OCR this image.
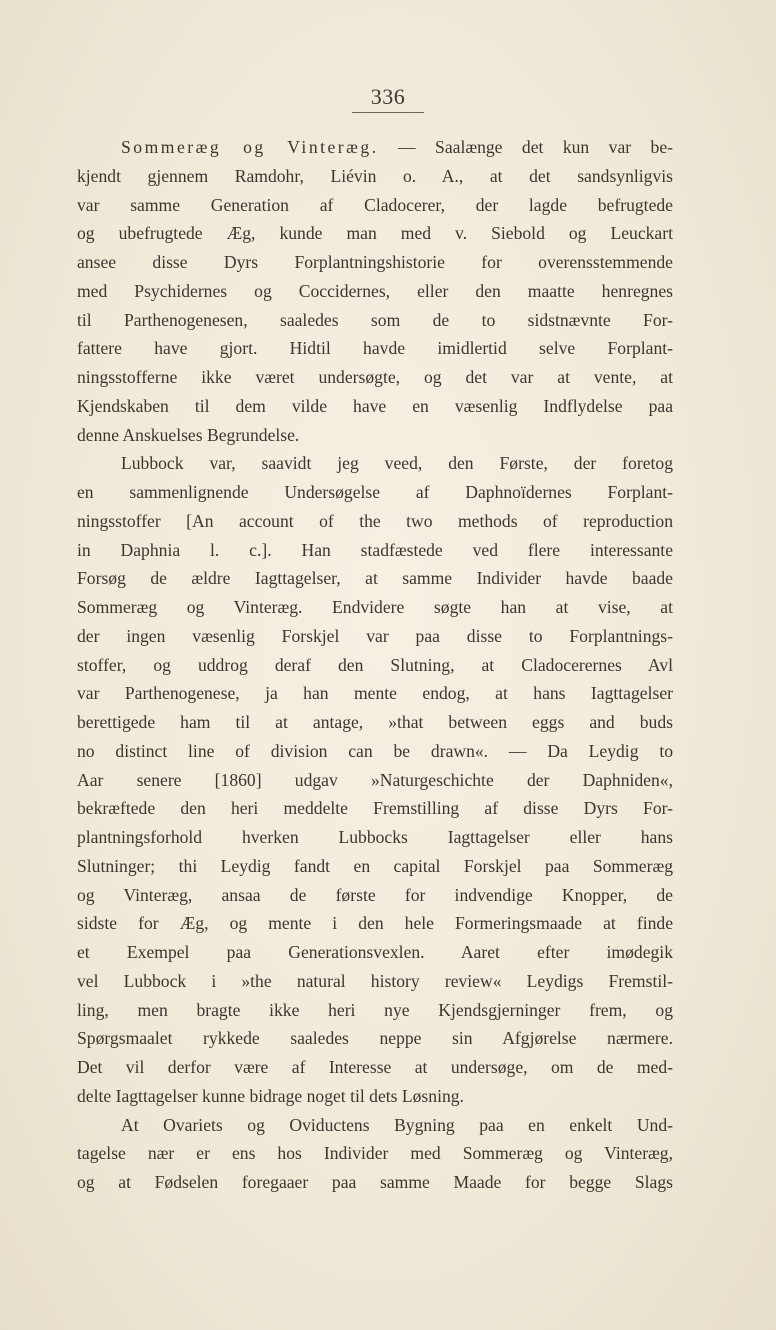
336
Sommeræg og Vinteræg. — Saalænge det kun var be-
kjendt gjennem Ramdohr, Liévin o. A., at det sandsynligvis
var samme Generation af Cladocerer, der lagde befrugtede
og ubefrugtede Æg, kunde man med v. Siebold og Leuckart
ansee disse Dyrs Forplantningshistorie for overensstemmende
med Psychidernes og Coccidernes, eller den maatte henregnes
til Parthenogenesen, saaledes som de to sidstnævnte For-
fattere have gjort. Hidtil havde imidlertid selve Forplant-
ningsstofferne ikke været undersøgte, og det var at vente, at
Kjendskaben til dem vilde have en væsenlig Indflydelse paa
denne Anskuelses Begrundelse.
Lubbock var, saavidt jeg veed, den Første, der foretog
en sammenlignende Undersøgelse af Daphnoïdernes Forplant-
ningsstoffer [An account of the two methods of reproduction
in Daphnia l. c.]. Han stadfæstede ved flere interessante
Forsøg de ældre Iagttagelser, at samme Individer havde baade
Sommeræg og Vinteræg. Endvidere søgte han at vise, at
der ingen væsenlig Forskjel var paa disse to Forplantnings-
stoffer, og uddrog deraf den Slutning, at Cladocerernes Avl
var Parthenogenese, ja han mente endog, at hans Iagttagelser
berettigede ham til at antage, »that between eggs and buds
no distinct line of division can be drawn«. — Da Leydig to
Aar senere [1860] udgav »Naturgeschichte der Daphniden«,
bekræftede den heri meddelte Fremstilling af disse Dyrs For-
plantningsforhold hverken Lubbocks Iagttagelser eller hans
Slutninger; thi Leydig fandt en capital Forskjel paa Sommeræg
og Vinteræg, ansaa de første for indvendige Knopper, de
sidste for Æg, og mente i den hele Formeringsmaade at finde
et Exempel paa Generationsvexlen. Aaret efter imødegik
vel Lubbock i »the natural history review« Leydigs Fremstil-
ling, men bragte ikke heri nye Kjendsgjerninger frem, og
Spørgsmaalet rykkede saaledes neppe sin Afgjørelse nærmere.
Det vil derfor være af Interesse at undersøge, om de med-
delte Iagttagelser kunne bidrage noget til dets Løsning.
At Ovariets og Oviductens Bygning paa en enkelt Und-
tagelse nær er ens hos Individer med Sommeræg og Vinteræg,
og at Fødselen foregaaer paa samme Maade for begge Slags
